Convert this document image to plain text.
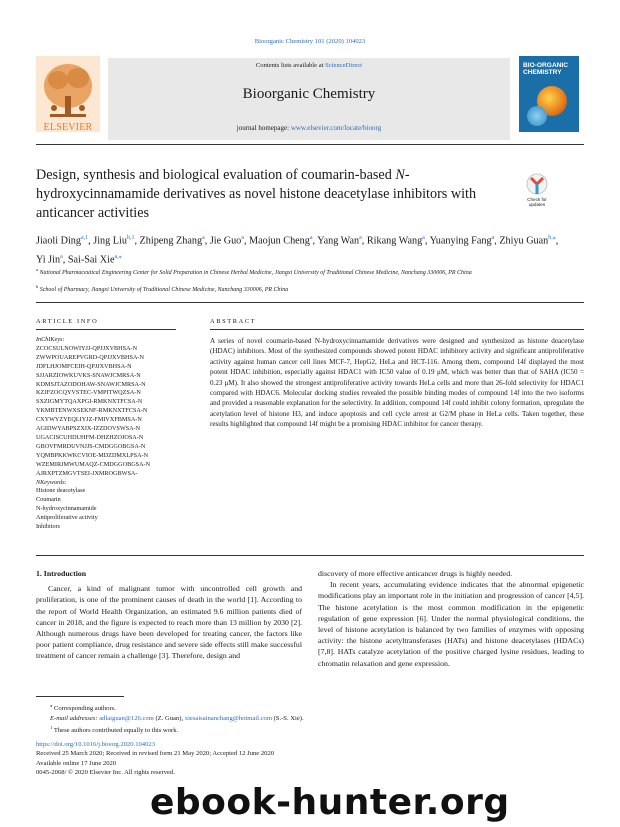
Bioorganic Chemistry 101 (2020) 104023
ELSEVIER
Contents lists available at ScienceDirect
Bioorganic Chemistry
journal homepage: www.elsevier.com/locate/bioorg
BIO-ORGANIC
CHEMISTRY
Design, synthesis and biological evaluation of coumarin-based N-hydroxycinnamamide derivatives as novel histone deacetylase inhibitors with anticancer activities
Check for
updates
Jiaoli Ding$^{a,1}$, Jing Liu$^{b,1}$, Zhipeng Zhang$^a$, Jie Guo$^a$, Maojun Cheng$^a$, Yang Wan$^a$, Rikang Wang$^a$, Yuanying Fang$^a$, Zhiyu Guan$^{b,⁎}$, Yi Jin$^a$, Sai-Sai Xie$^{a,⁎}$
$^a$ National Pharmaceutical Engineering Center for Solid Preparation in Chinese Herbal Medicine, Jiangxi University of Traditional Chinese Medicine, Nanchang 330006, PR China
$^b$ School of Pharmacy, Jiangxi University of Traditional Chinese Medicine, Nanchang 330006, PR China
ARTICLE INFO	ABSTRACT
InChIKeys:
ZCOCSULNOWIYJJ-QPJJXVBHSA-N
ZWWPOUAREPVGRD-QPJJXVBHSA-N
JDFLHJOMFCEIH-QPJJXVBHSA-N
SJJARZIOWKUVKS-SNAWJCMRSA-N
KDMSJTAZODOHAW-SNAWJCMRSA-N
KZJFZOCQYVSTEC-VMPITWQZSA-N
SXZIGMYTQAXPGI-RMKNXTFCSA-N
YKMBTENWXSEKNF-RMKNXTFCSA-N
CXYWYZYEQLIYJZ-FMIVXFBMSA-N
AGIDWYABPSZXIX-IZZDOVSWSA-N
UGACISCUHDUHFM-DHZHZOJOSA-N
GBOVFMRDUVNJJS-CMDGGOBGSA-N
YQMBPKKWKCVIOE-MDZDMXLPSA-N
WZEMIRJMWUMAQZ-CMDGGOBGSA-N
AJRXPTZMGVTSEI-JXMROGBWSA-
NKeywords:
Histone deacetylase
Coumarin
N-hydroxycinnamamide
Antiproliferative activity
Inhibitors
A series of novel coumarin-based N-hydroxycinnamamide derivatives were designed and synthesized as histone deacetylase (HDAC) inhibitors. Most of the synthesized compounds showed potent HDAC inhibitory activity and significant antiproliferative activity against human cancer cell lines MCF-7, HepG2, HeLa and HCT-116. Among them, compound 14f displayed the most potent HDAC inhibition, especially against HDAC1 with IC50 value of 0.19 μM, which was better than that of SAHA (IC50 = 0.23 μM). It also showed the strongest antiproliferative activity towards HeLa cells and more than 26-fold selectivity for HDAC1 compared with HDAC6. Molecular docking studies revealed the possible binding modes of compound 14f into the two isoforms and provided a reasonable explanation for the selectivity. In addition, compound 14f could inhibit colony formation, upregulate the acetylation level of histone H3, and induce apoptosis and cell cycle arrest at G2/M phase in HeLa cells. Taken together, these results highlighted that compound 14f might be a promising HDAC inhibitor for cancer therapy.
1. Introduction

Cancer, a kind of malignant tumor with uncontrolled cell growth and proliferation, is one of the prominent causes of death in the world [1]. According to the report of World Health Organization, an estimated 9.6 million patients died of cancer in 2018, and the figure is expected to reach more than 13 million by 2030 [2]. Although numerous drugs have been developed for treating cancer, the factors like poor patient compliance, drug resistance and severe side effects still make successful treatment of cancer remain a challenge [3]. Therefore, design and

discovery of more effective anticancer drugs is highly needed.

In recent years, accumulating evidence indicates that the abnormal epigenetic modifications play an important role in the initiation and progression of cancer [4,5]. The histone acetylation is the most common modification in the epigenetic regulation of gene expression [6]. Under the normal physiological conditions, the level of histone acetylation is balanced by two families of enzymes with opposing activity: the histone acetyltransferases (HATs) and histone deacetylases (HDACs) [7,8]. HATs catalyze acetylation of the positive charged lysine residues, leading to chromatin relaxation and gene expression.

⁎ Corresponding authors.
E-mail addresses: adlaiguan@126.com (Z. Guan), xiesaisainanchang@hotmail.com (S.-S. Xie).
$^1$ These authors contributed equally to this work.
https://doi.org/10.1016/j.bioorg.2020.104023
Received 25 March 2020; Received in revised form 21 May 2020; Accepted 12 June 2020
Available online 17 June 2020
0045-2068/ © 2020 Elsevier Inc. All rights reserved.
ebook-hunter.org
